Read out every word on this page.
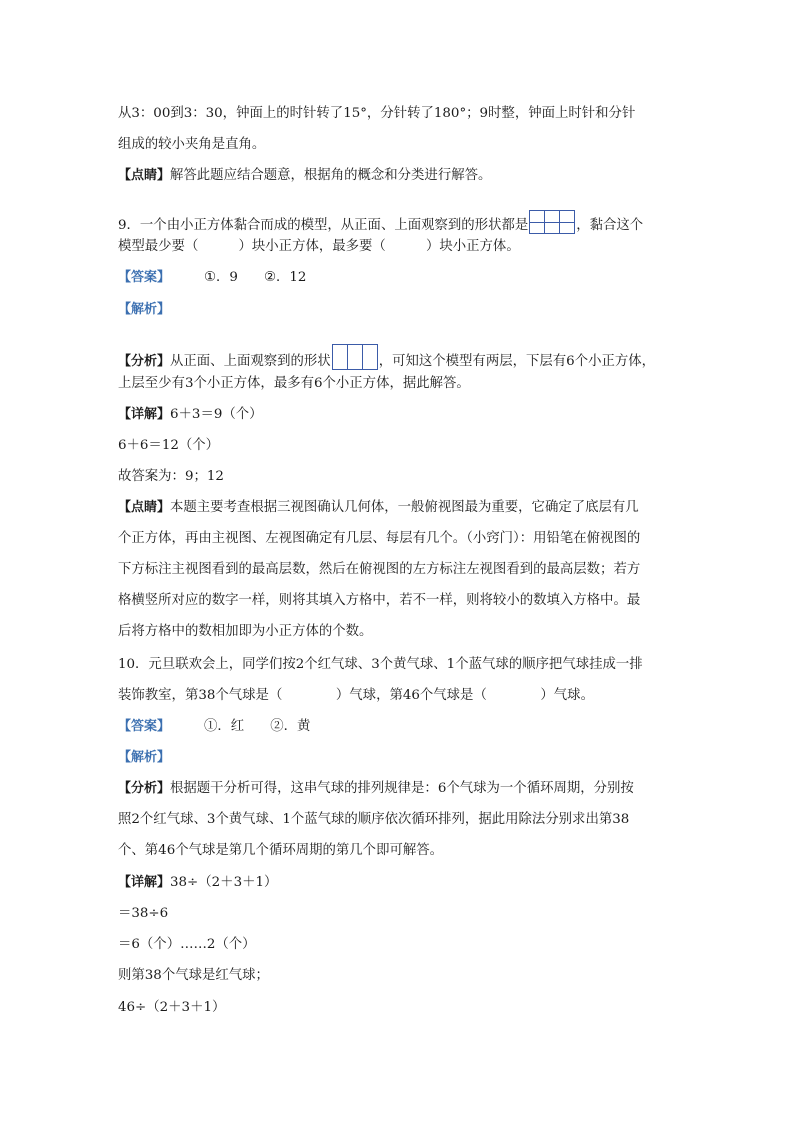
从3：00到3：30，钟面上的时针转了15°，分针转了180°；9时整，钟面上时针和分针
组成的较小夹角是直角。
【点睛】解答此题应结合题意，根据角的概念和分类进行解答。
9．一个由小正方体黏合而成的模型，从正面、上面观察到的形状都是	，黏合这个
模型最少要（　　　）块小正方体，最多要（　　　）块小正方体。
【答案】	①．9 ②．12
【解析】
【分析】从正面、上面观察到的形状	，可知这个模型有两层，下层有6个小正方体，
上层至少有3个小正方体，最多有6个小正方体，据此解答。
【详解】6＋3＝9（个）
6＋6＝12（个）
故答案为：9；12
【点睛】本题主要考查根据三视图确认几何体，一般俯视图最为重要，它确定了底层有几
个正方体，再由主视图、左视图确定有几层、每层有几个。（小窍门）：用铅笔在俯视图的
下方标注主视图看到的最高层数，然后在俯视图的左方标注左视图看到的最高层数；若方
格横竖所对应的数字一样，则将其填入方格中，若不一样，则将较小的数填入方格中。最
后将方格中的数相加即为小正方体的个数。
10．元旦联欢会上，同学们按2个红气球、3个黄气球、1个蓝气球的顺序把气球挂成一排
装饰教室，第38个气球是（　　　　）气球，第46个气球是（　　　　）气球。
【答案】	①．红 ②．黄
【解析】
【分析】根据题干分析可得，这串气球的排列规律是：6个气球为一个循环周期，分别按
照2个红气球、3个黄气球、1个蓝气球的顺序依次循环排列，据此用除法分别求出第38
个、第46个气球是第几个循环周期的第几个即可解答。
【详解】38÷（2＋3＋1）
＝38÷6
＝6（个）……2（个）
则第38个气球是红气球；
46÷（2＋3＋1）
